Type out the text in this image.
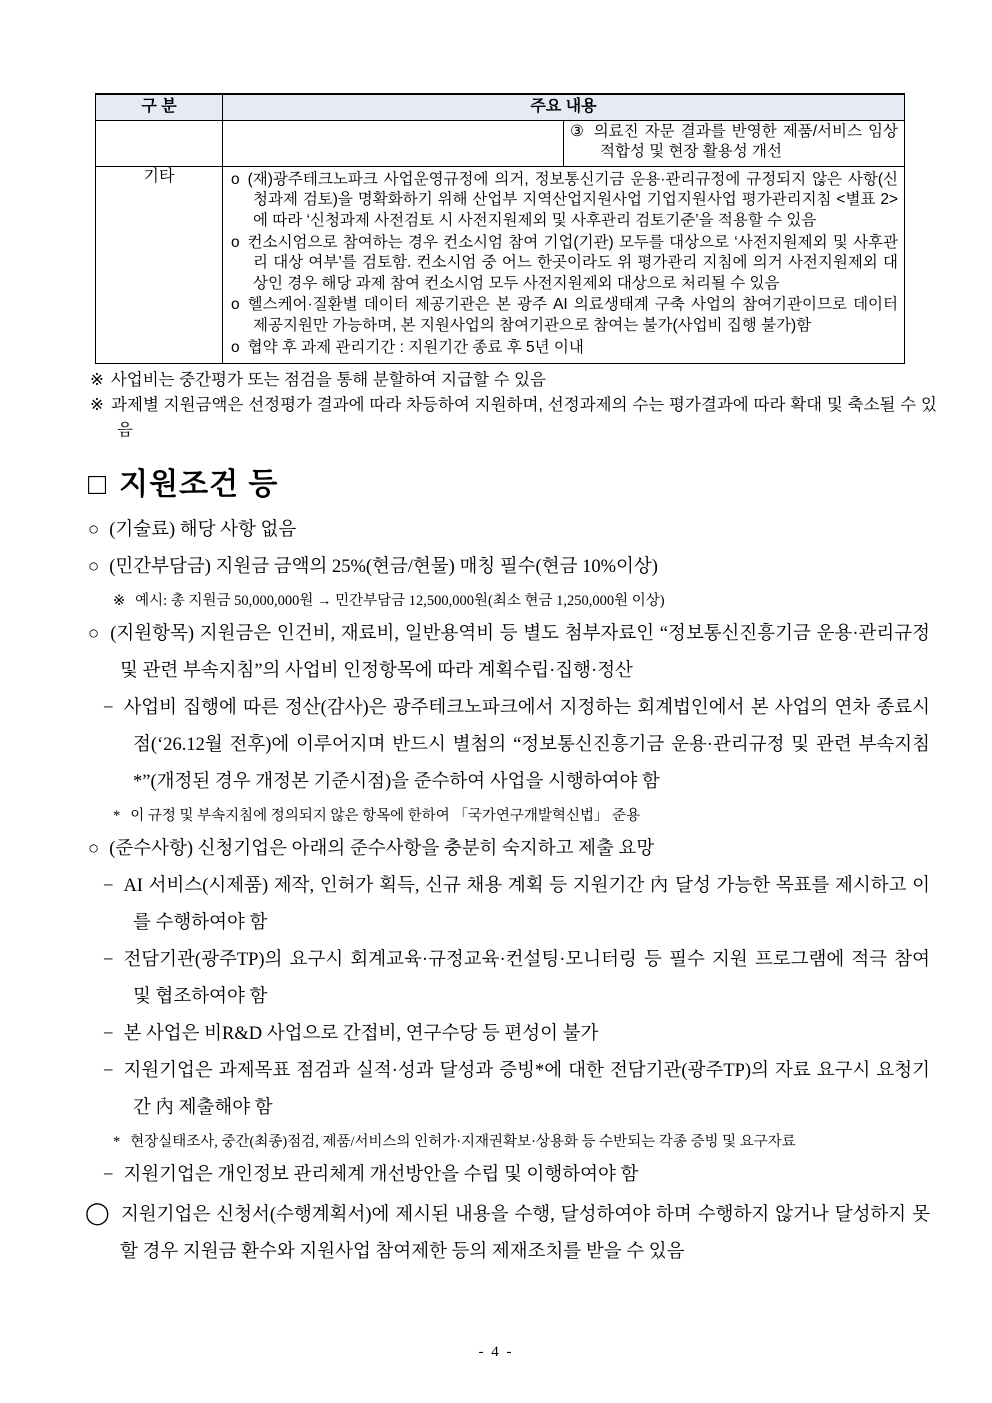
구 분	주요 내용	

		③ 의료진 자문 결과를 반영한 제품/서비스 임상 적합성 및 현장 활용성 개선

기타	o (재)광주테크노파크 사업운영규정에 의거, 정보통신기금 운용·관리규정에 규정되지 않은 사항(신청과제 검토)을 명확화하기 위해 산업부 지역산업지원사업 기업지원사업 평가관리지침 <별표 2>에 따라 ‘신청과제 사전검토 시 사전지원제외 및 사후관리 검토기준’을 적용할 수 있음
o 컨소시엄으로 참여하는 경우 컨소시엄 참여 기업(기관) 모두를 대상으로 ‘사전지원제외 및 사후관리 대상 여부’를 검토함. 컨소시엄 중 어느 한곳이라도 위 평가관리 지침에 의거 사전지원제외 대상인 경우 해당 과제 참여 컨소시엄 모두 사전지원제외 대상으로 처리될 수 있음
o 헬스케어·질환별 데이터 제공기관은 본 광주 AI 의료생태계 구축 사업의 참여기관이므로 데이터 제공지원만 가능하며, 본 지원사업의 참여기관으로 참여는 불가(사업비 집행 불가)함
o 협약 후 과제 관리기간 : 지원기간 종료 후 5년 이내	
※ 사업비는 중간평가 또는 점검을 통해 분할하여 지급할 수 있음
※ 과제별 지원금액은 선정평가 결과에 따라 차등하여 지원하며, 선정과제의 수는 평가결과에 따라 확대 및 축소될 수 있음
□ 지원조건 등
○ (기술료) 해당 사항 없음
○ (민간부담금) 지원금 금액의 25%(현금/현물) 매칭 필수(현금 10%이상)
※ 예시: 총 지원금 50,000,000원 → 민간부담금 12,500,000원(최소 현금 1,250,000원 이상)
○ (지원항목) 지원금은 인건비, 재료비, 일반용역비 등 별도 첨부자료인 “정보통신진흥기금 운용·관리규정 및 관련 부속지침”의 사업비 인정항목에 따라 계획수립·집행·정산
− 사업비 집행에 따른 정산(감사)은 광주테크노파크에서 지정하는 회계법인에서 본 사업의 연차 종료시점(‘26.12월 전후)에 이루어지며 반드시 별첨의 “정보통신진흥기금 운용·관리규정 및 관련 부속지침*”(개정된 경우 개정본 기준시점)을 준수하여 사업을 시행하여야 함
* 이 규정 및 부속지침에 정의되지 않은 항목에 한하여 「국가연구개발혁신법」 준용
○ (준수사항) 신청기업은 아래의 준수사항을 충분히 숙지하고 제출 요망
− AI 서비스(시제품) 제작, 인허가 획득, 신규 채용 계획 등 지원기간 內 달성 가능한 목표를 제시하고 이를 수행하여야 함
− 전담기관(광주TP)의 요구시 회계교육·규정교육·컨설팅·모니터링 등 필수 지원 프로그램에 적극 참여 및 협조하여야 함
− 본 사업은 비R&D 사업으로 간접비, 연구수당 등 편성이 불가
− 지원기업은 과제목표 점검과 실적·성과 달성과 증빙*에 대한 전담기관(광주TP)의 자료 요구시 요청기간 內 제출해야 함
* 현장실태조사, 중간(최종)점검, 제품/서비스의 인허가·지재권확보·상용화 등 수반되는 각종 증빙 및 요구자료
− 지원기업은 개인정보 관리체계 개선방안을 수립 및 이행하여야 함
◯ 지원기업은 신청서(수행계획서)에 제시된 내용을 수행, 달성하여야 하며 수행하지 않거나 달성하지 못할 경우 지원금 환수와 지원사업 참여제한 등의 제재조치를 받을 수 있음
- 4 -
